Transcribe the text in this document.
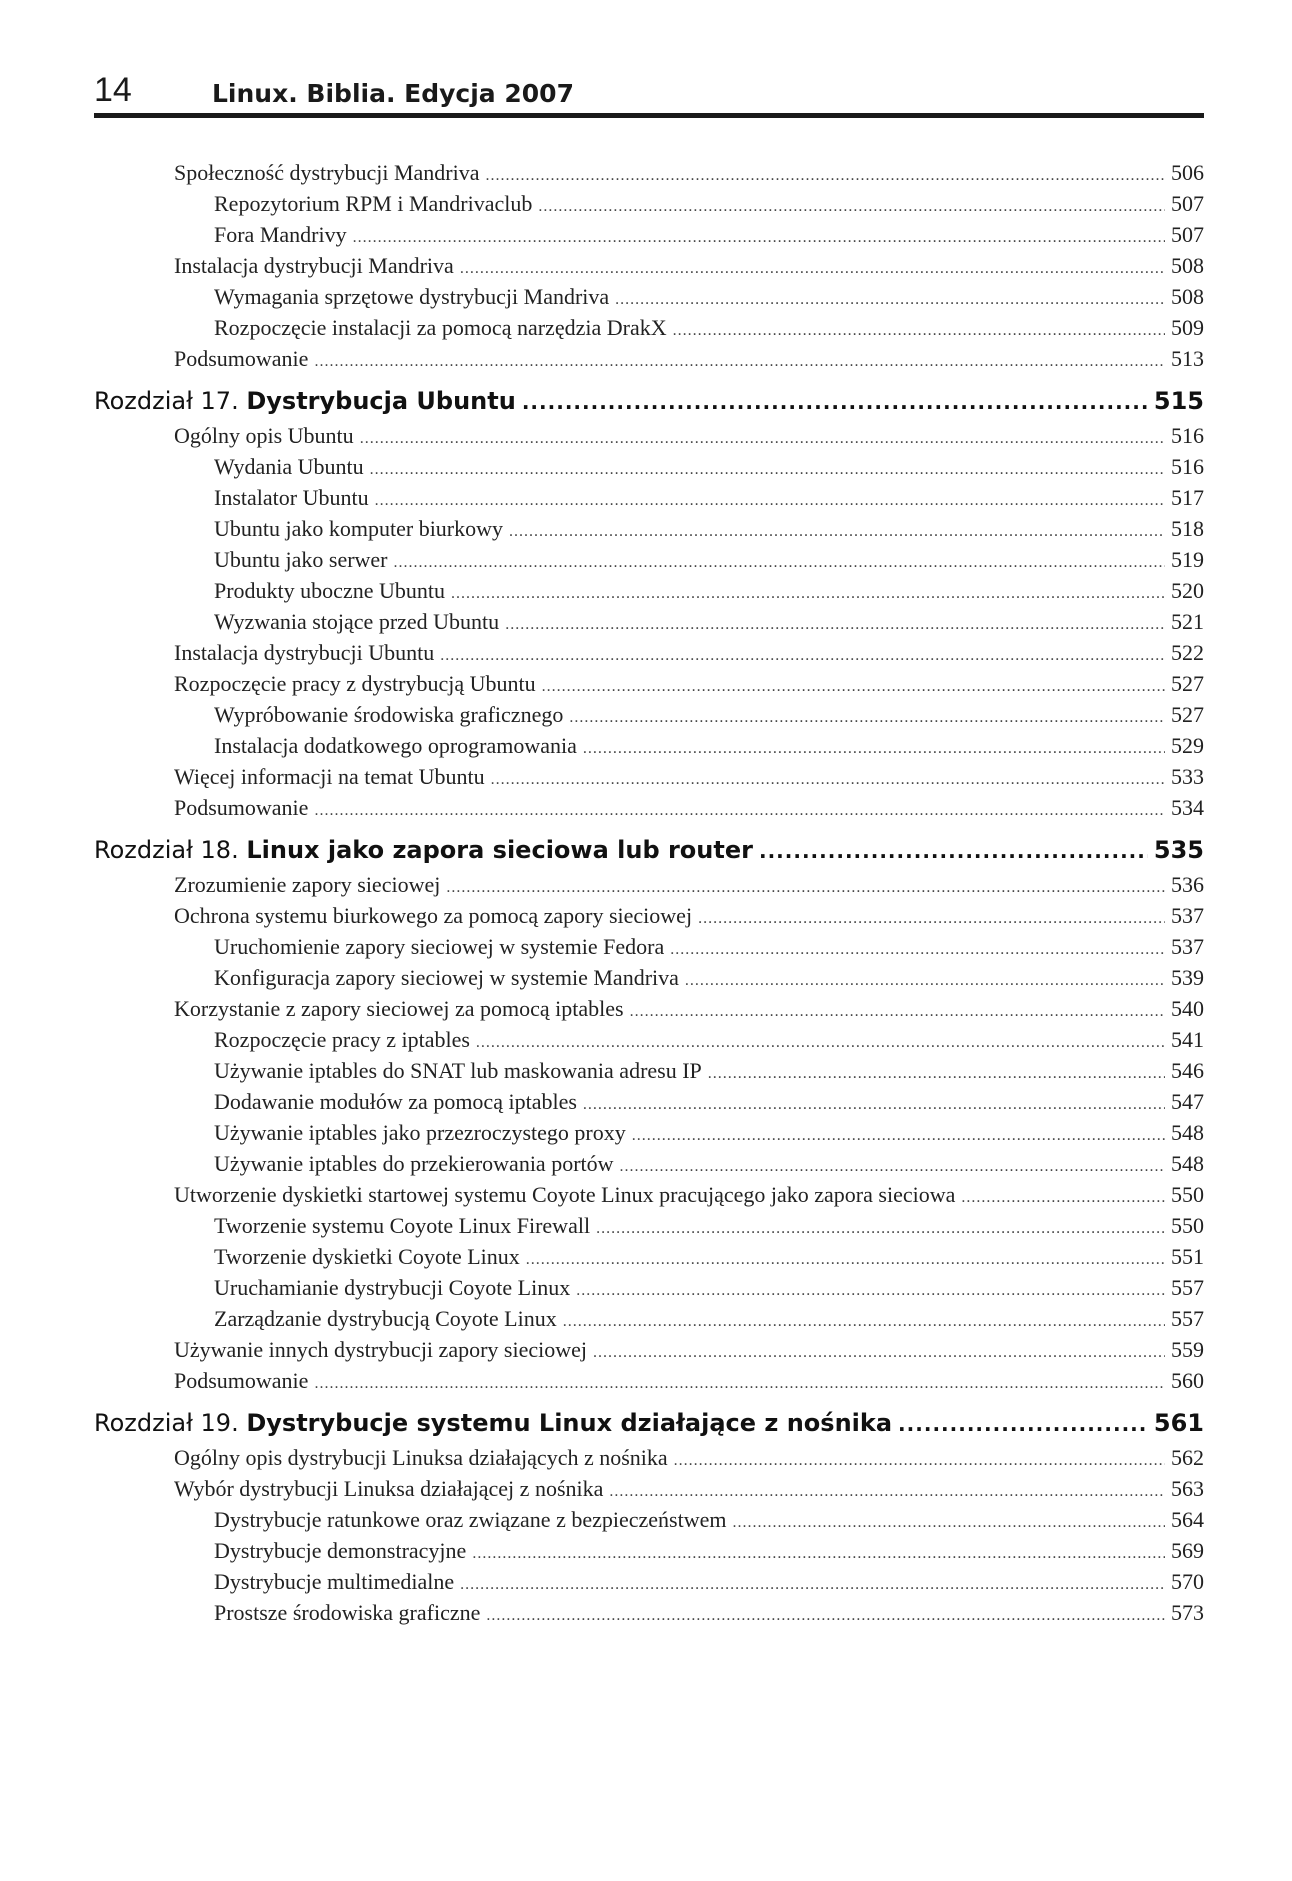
14	Linux. Biblia. Edycja 2007
Społeczność dystrybucji Mandriva .....	506
Repozytorium RPM i Mandrivaclub .....	507
Fora Mandrivy .....	507
Instalacja dystrybucji Mandriva .....	508
Wymagania sprzętowe dystrybucji Mandriva .....	508
Rozpoczęcie instalacji za pomocą narzędzia DrakX .....	509
Podsumowanie .....	513
Rozdział 17. Dystrybucja Ubuntu .....	515
Ogólny opis Ubuntu .....	516
Wydania Ubuntu .....	516
Instalator Ubuntu .....	517
Ubuntu jako komputer biurkowy .....	518
Ubuntu jako serwer .....	519
Produkty uboczne Ubuntu .....	520
Wyzwania stojące przed Ubuntu .....	521
Instalacja dystrybucji Ubuntu .....	522
Rozpoczęcie pracy z dystrybucją Ubuntu .....	527
Wypróbowanie środowiska graficznego .....	527
Instalacja dodatkowego oprogramowania .....	529
Więcej informacji na temat Ubuntu .....	533
Podsumowanie .....	534
Rozdział 18. Linux jako zapora sieciowa lub router .....	535
Zrozumienie zapory sieciowej .....	536
Ochrona systemu biurkowego za pomocą zapory sieciowej .....	537
Uruchomienie zapory sieciowej w systemie Fedora .....	537
Konfiguracja zapory sieciowej w systemie Mandriva .....	539
Korzystanie z zapory sieciowej za pomocą iptables .....	540
Rozpoczęcie pracy z iptables .....	541
Używanie iptables do SNAT lub maskowania adresu IP .....	546
Dodawanie modułów za pomocą iptables .....	547
Używanie iptables jako przezroczystego proxy .....	548
Używanie iptables do przekierowania portów .....	548
Utworzenie dyskietki startowej systemu Coyote Linux pracującego jako zapora sieciowa .....	550
Tworzenie systemu Coyote Linux Firewall .....	550
Tworzenie dyskietki Coyote Linux .....	551
Uruchamianie dystrybucji Coyote Linux .....	557
Zarządzanie dystrybucją Coyote Linux .....	557
Używanie innych dystrybucji zapory sieciowej .....	559
Podsumowanie .....	560
Rozdział 19. Dystrybucje systemu Linux działające z nośnika .....	561
Ogólny opis dystrybucji Linuksa działających z nośnika .....	562
Wybór dystrybucji Linuksa działającej z nośnika .....	563
Dystrybucje ratunkowe oraz związane z bezpieczeństwem .....	564
Dystrybucje demonstracyjne .....	569
Dystrybucje multimedialne .....	570
Prostsze środowiska graficzne .....	573
